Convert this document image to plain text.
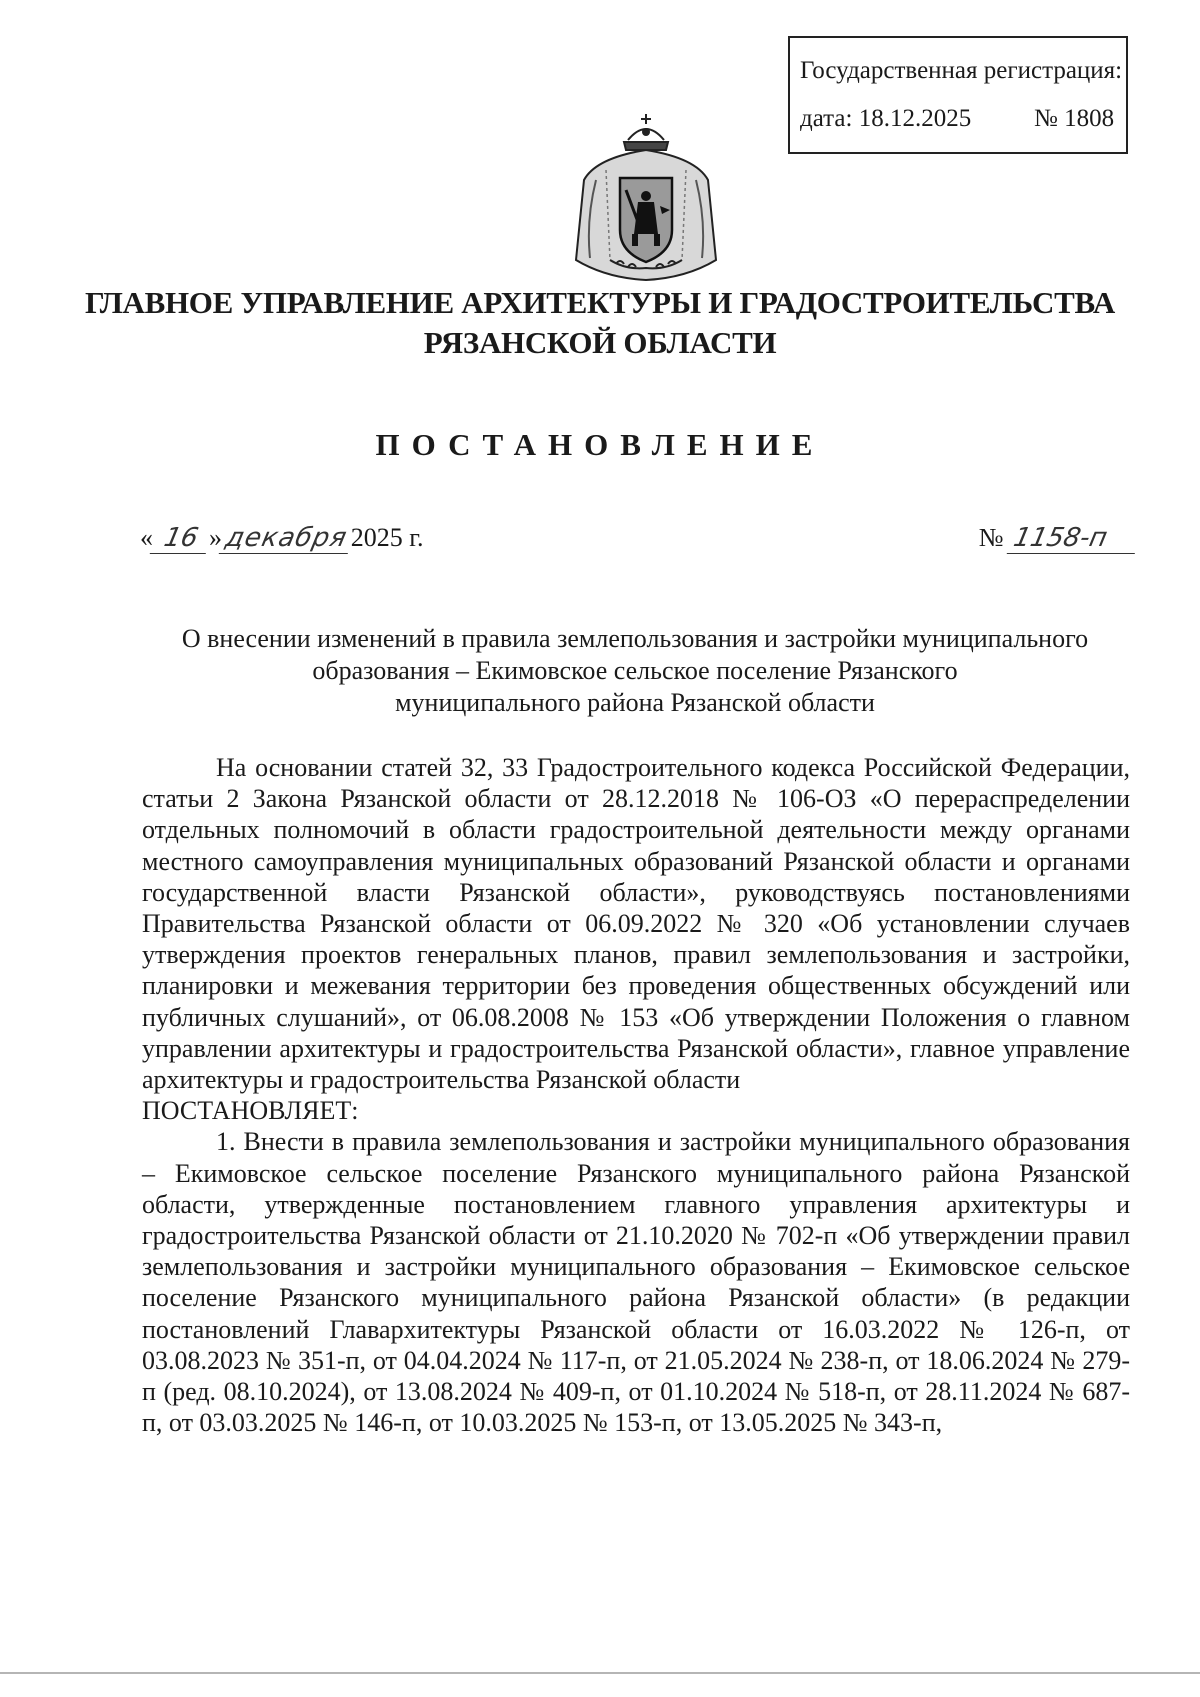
Государственная регистрация:
дата: 18.12.2025	№ 1808
ГЛАВНОЕ УПРАВЛЕНИЕ АРХИТЕКТУРЫ И ГРАДОСТРОИТЕЛЬСТВА
РЯЗАНСКОЙ ОБЛАСТИ
ПОСТАНОВЛЕНИЕ
« 16 »декабря2025 г.	№ 1158-п
О внесении изменений в правила землепользования и застройки муниципального
образования – Екимовское сельское поселение Рязанского
муниципального района Рязанской области

На основании статей 32, 33 Градостроительного кодекса Российской Федерации, статьи 2 Закона Рязанской области от 28.12.2018 № 106-ОЗ «О перераспределении отдельных полномочий в области градостроительной деятельности между органами местного самоуправления муниципальных образований Рязанской области и органами государственной власти Рязанской области», руководствуясь постановлениями Правительства Рязанской области от 06.09.2022 № 320 «Об установлении случаев утверждения проектов генеральных планов, правил землепользования и застройки, планировки и межевания территории без проведения общественных обсуждений или публичных слушаний», от 06.08.2008 № 153 «Об утверждении Положения о главном управлении архитектуры и градостроительства Рязанской области», главное управление архитектуры и градостроительства Рязанской области

ПОСТАНОВЛЯЕТ:

1. Внести в правила землепользования и застройки муниципального образования – Екимовское сельское поселение Рязанского муниципального района Рязанской области, утвержденные постановлением главного управления архитектуры и градостроительства Рязанской области от 21.10.2020 № 702-п «Об утверждении правил землепользования и застройки муниципального образования – Екимовское сельское поселение Рязанского муниципального района Рязанской области» (в редакции постановлений Главархитектуры Рязанской области от 16.03.2022 № 126-п, от 03.08.2023 № 351-п, от 04.04.2024 № 117-п, от 21.05.2024 № 238-п, от 18.06.2024 № 279-п (ред. 08.10.2024), от 13.08.2024 № 409-п, от 01.10.2024 № 518-п, от 28.11.2024 № 687-п, от 03.03.2025 № 146-п, от 10.03.2025 № 153-п, от 13.05.2025 № 343-п,
